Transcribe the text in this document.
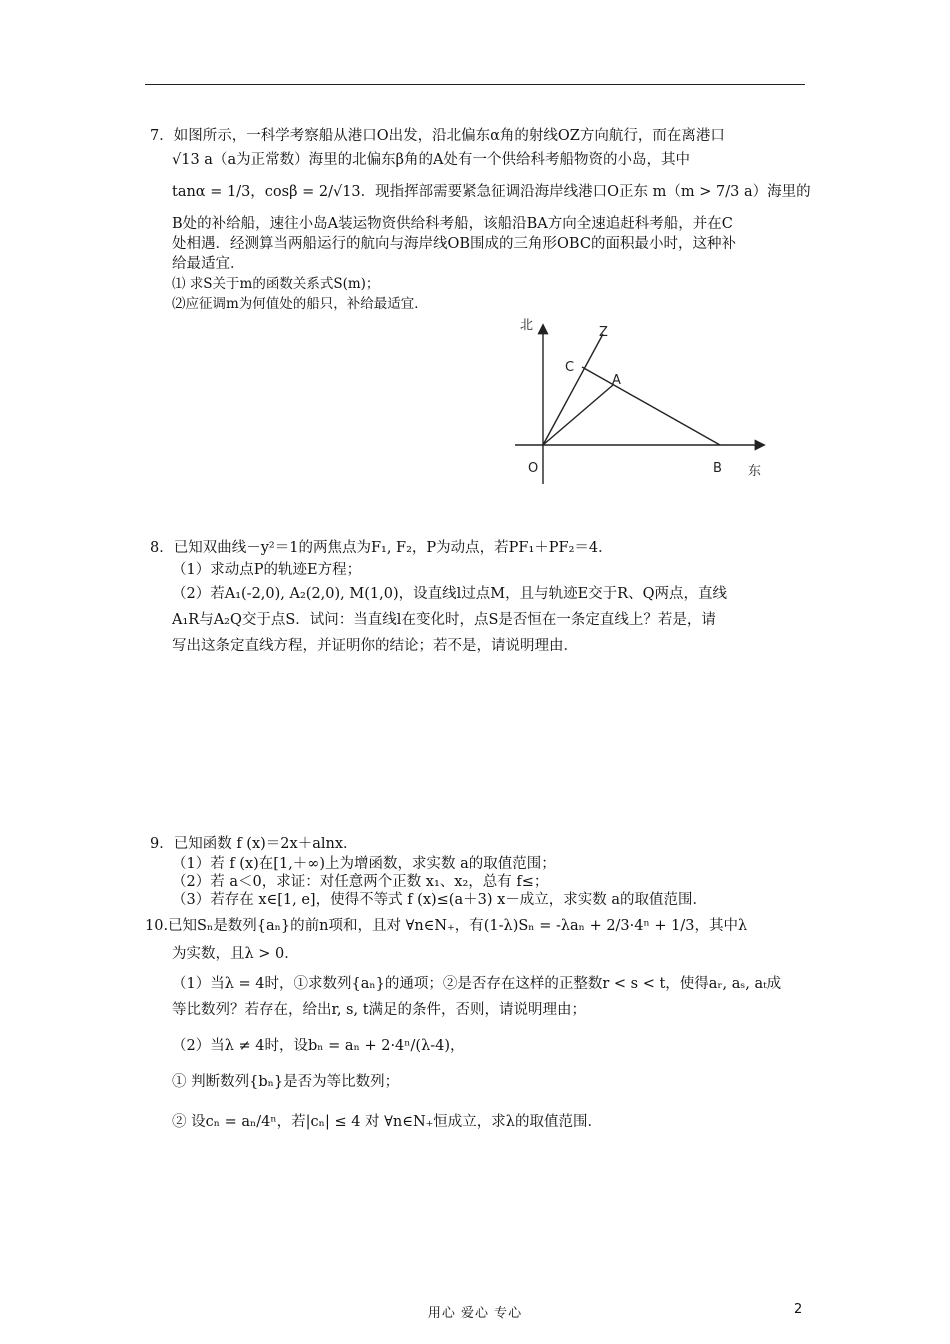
7．如图所示，一科学考察船从港口O出发，沿北偏东α角的射线OZ方向航行，而在离港口
√13 a（a为正常数）海里的北偏东β角的A处有一个供给科考船物资的小岛，其中
tanα = 1/3，cosβ = 2/√13．现指挥部需要紧急征调沿海岸线港口O正东 m（m > 7/3 a）海里的
B处的补给船，速往小岛A装运物资供给科考船，该船沿BA方向全速追赶科考船，并在C
处相遇．经测算当两船运行的航向与海岸线OB围成的三角形OBC的面积最小时，这种补
给最适宜．
⑴ 求S关于m的函数关系式S(m)；
⑵应征调m为何值处的船只，补给最适宜．
北
东
Z
C
A
O	B
8．已知双曲线－y²＝1的两焦点为F₁, F₂，P为动点，若PF₁＋PF₂＝4．
（1）求动点P的轨迹E方程；
（2）若A₁(-2,0), A₂(2,0), M(1,0)，设直线l过点M，且与轨迹E交于R、Q两点，直线
A₁R与A₂Q交于点S．试问：当直线l在变化时，点S是否恒在一条定直线上？若是，请
写出这条定直线方程，并证明你的结论；若不是，请说明理由．
9．已知函数 f (x)＝2x＋alnx．
（1）若 f (x)在[1,＋∞)上为增函数，求实数 a的取值范围；
（2）若 a＜0，求证：对任意两个正数 x₁、x₂，总有 f≤；
（3）若存在 x∈[1, e]，使得不等式 f (x)≤(a＋3) x－成立，求实数 a的取值范围．
10.已知Sₙ是数列{aₙ}的前n项和，且对 ∀n∈N₊，有(1-λ)Sₙ = -λaₙ + 2/3·4ⁿ + 1/3，其中λ
为实数，且λ > 0．
（1）当λ = 4时，①求数列{aₙ}的通项；②是否存在这样的正整数r < s < t，使得aᵣ, aₛ, aₜ成
等比数列？若存在，给出r, s, t满足的条件，否则，请说明理由；
（2）当λ ≠ 4时，设bₙ = aₙ + 2·4ⁿ/(λ-4)，
① 判断数列{bₙ}是否为等比数列；
② 设cₙ = aₙ/4ⁿ，若|cₙ| ≤ 4 对 ∀n∈N₊恒成立，求λ的取值范围．
用心 爱心 专心	2
